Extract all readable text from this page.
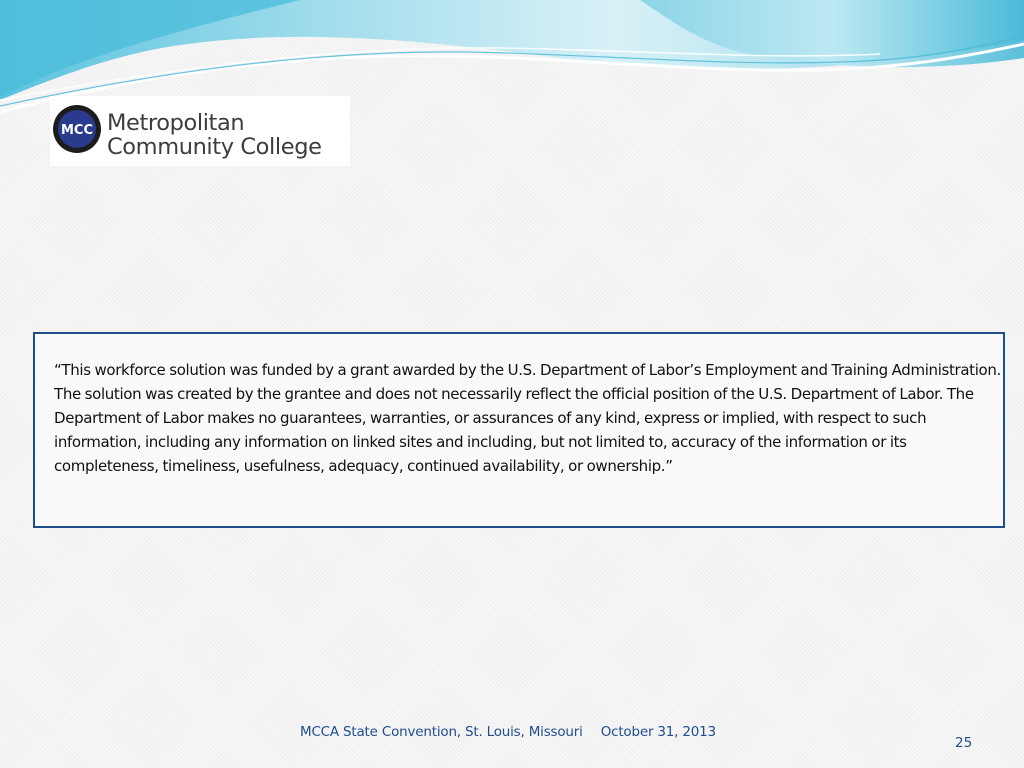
MCC Metropolitan
Community College

“This workforce solution was funded by a grant awarded by the U.S. Department of Labor’s Employment and Training Administration. The solution was created by the grantee and does not necessarily reflect the official position of the U.S. Department of Labor. The Department of Labor makes no guarantees, warranties, or assurances of any kind, express or implied, with respect to such information, including any information on linked sites and including, but not limited to, accuracy of the information or its completeness, timeliness, usefulness, adequacy, continued availability, or ownership.”

MCCA State Convention, St. Louis, Missouri October 31, 2013
25
